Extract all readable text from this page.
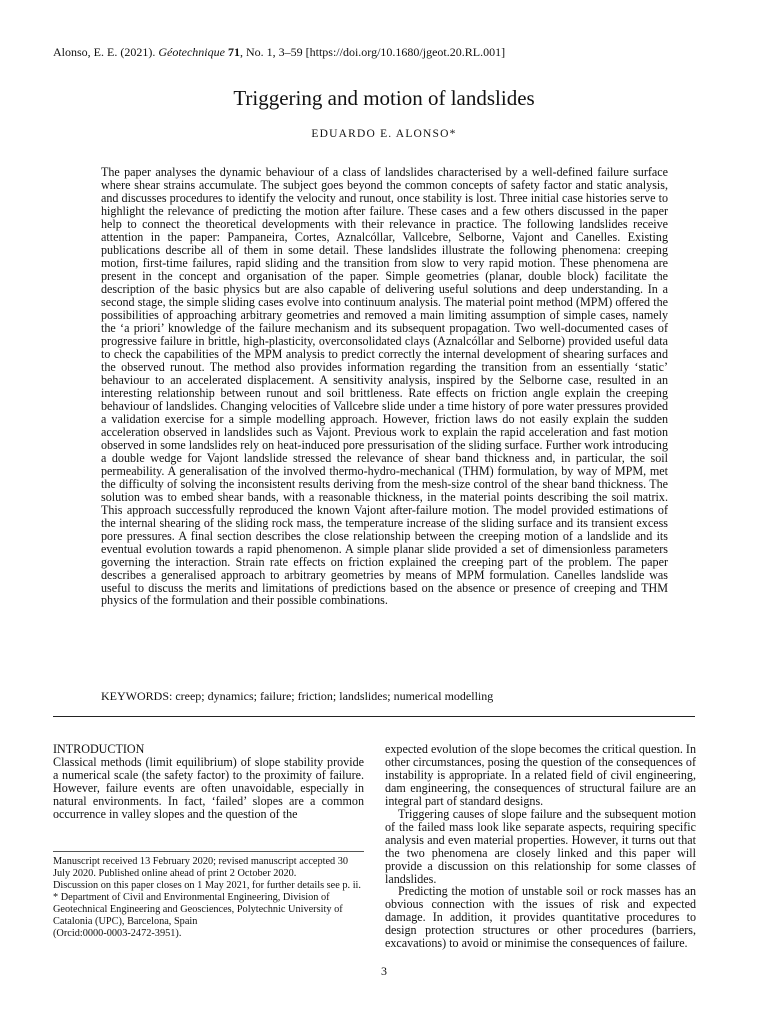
Alonso, E. E. (2021). Géotechnique 71, No. 1, 3–59 [https://doi.org/10.1680/jgeot.20.RL.001]
Triggering and motion of landslides
EDUARDO E. ALONSO*
The paper analyses the dynamic behaviour of a class of landslides characterised by a well-defined failure surface where shear strains accumulate. The subject goes beyond the common concepts of safety factor and static analysis, and discusses procedures to identify the velocity and runout, once stability is lost. Three initial case histories serve to highlight the relevance of predicting the motion after failure. These cases and a few others discussed in the paper help to connect the theoretical developments with their relevance in practice. The following landslides receive attention in the paper: Pampaneira, Cortes, Aznalcóllar, Vallcebre, Selborne, Vajont and Canelles. Existing publications describe all of them in some detail. These landslides illustrate the following phenomena: creeping motion, first-time failures, rapid sliding and the transition from slow to very rapid motion. These phenomena are present in the concept and organisation of the paper. Simple geometries (planar, double block) facilitate the description of the basic physics but are also capable of delivering useful solutions and deep understanding. In a second stage, the simple sliding cases evolve into continuum analysis. The material point method (MPM) offered the possibilities of approaching arbitrary geometries and removed a main limiting assumption of simple cases, namely the ‘a priori’ knowledge of the failure mechanism and its subsequent propagation. Two well-documented cases of progressive failure in brittle, high-plasticity, overconsolidated clays (Aznalcóllar and Selborne) provided useful data to check the capabilities of the MPM analysis to predict correctly the internal development of shearing surfaces and the observed runout. The method also provides information regarding the transition from an essentially ‘static’ behaviour to an accelerated displacement. A sensitivity analysis, inspired by the Selborne case, resulted in an interesting relationship between runout and soil brittleness. Rate effects on friction angle explain the creeping behaviour of landslides. Changing velocities of Vallcebre slide under a time history of pore water pressures provided a validation exercise for a simple modelling approach. However, friction laws do not easily explain the sudden acceleration observed in landslides such as Vajont. Previous work to explain the rapid acceleration and fast motion observed in some landslides rely on heat-induced pore pressurisation of the sliding surface. Further work introducing a double wedge for Vajont landslide stressed the relevance of shear band thickness and, in particular, the soil permeability. A generalisation of the involved thermo-hydro-mechanical (THM) formulation, by way of MPM, met the difficulty of solving the inconsistent results deriving from the mesh-size control of the shear band thickness. The solution was to embed shear bands, with a reasonable thickness, in the material points describing the soil matrix. This approach successfully reproduced the known Vajont after-failure motion. The model provided estimations of the internal shearing of the sliding rock mass, the temperature increase of the sliding surface and its transient excess pore pressures. A final section describes the close relationship between the creeping motion of a landslide and its eventual evolution towards a rapid phenomenon. A simple planar slide provided a set of dimensionless parameters governing the interaction. Strain rate effects on friction explained the creeping part of the problem. The paper describes a generalised approach to arbitrary geometries by means of MPM formulation. Canelles landslide was useful to discuss the merits and limitations of predictions based on the absence or presence of creeping and THM physics of the formulation and their possible combinations.
KEYWORDS: creep; dynamics; failure; friction; landslides; numerical modelling
INTRODUCTION

Classical methods (limit equilibrium) of slope stability provide a numerical scale (the safety factor) to the proximity of failure. However, failure events are often unavoidable, especially in natural environments. In fact, ‘failed’ slopes are a common occurrence in valley slopes and the question of the

Manuscript received 13 February 2020; revised manuscript accepted 30 July 2020. Published online ahead of print 2 October 2020.

Discussion on this paper closes on 1 May 2021, for further details see p. ii.

* Department of Civil and Environmental Engineering, Division of Geotechnical Engineering and Geosciences, Polytechnic University of Catalonia (UPC), Barcelona, Spain

(Orcid:0000-0003-2472-3951).

expected evolution of the slope becomes the critical question. In other circumstances, posing the question of the consequences of instability is appropriate. In a related field of civil engineering, dam engineering, the consequences of structural failure are an integral part of standard designs.

Triggering causes of slope failure and the subsequent motion of the failed mass look like separate aspects, requiring specific analysis and even material properties. However, it turns out that the two phenomena are closely linked and this paper will provide a discussion on this relationship for some classes of landslides.

Predicting the motion of unstable soil or rock masses has an obvious connection with the issues of risk and expected damage. In addition, it provides quantitative procedures to design protection structures or other procedures (barriers, excavations) to avoid or minimise the consequences of failure.

3
